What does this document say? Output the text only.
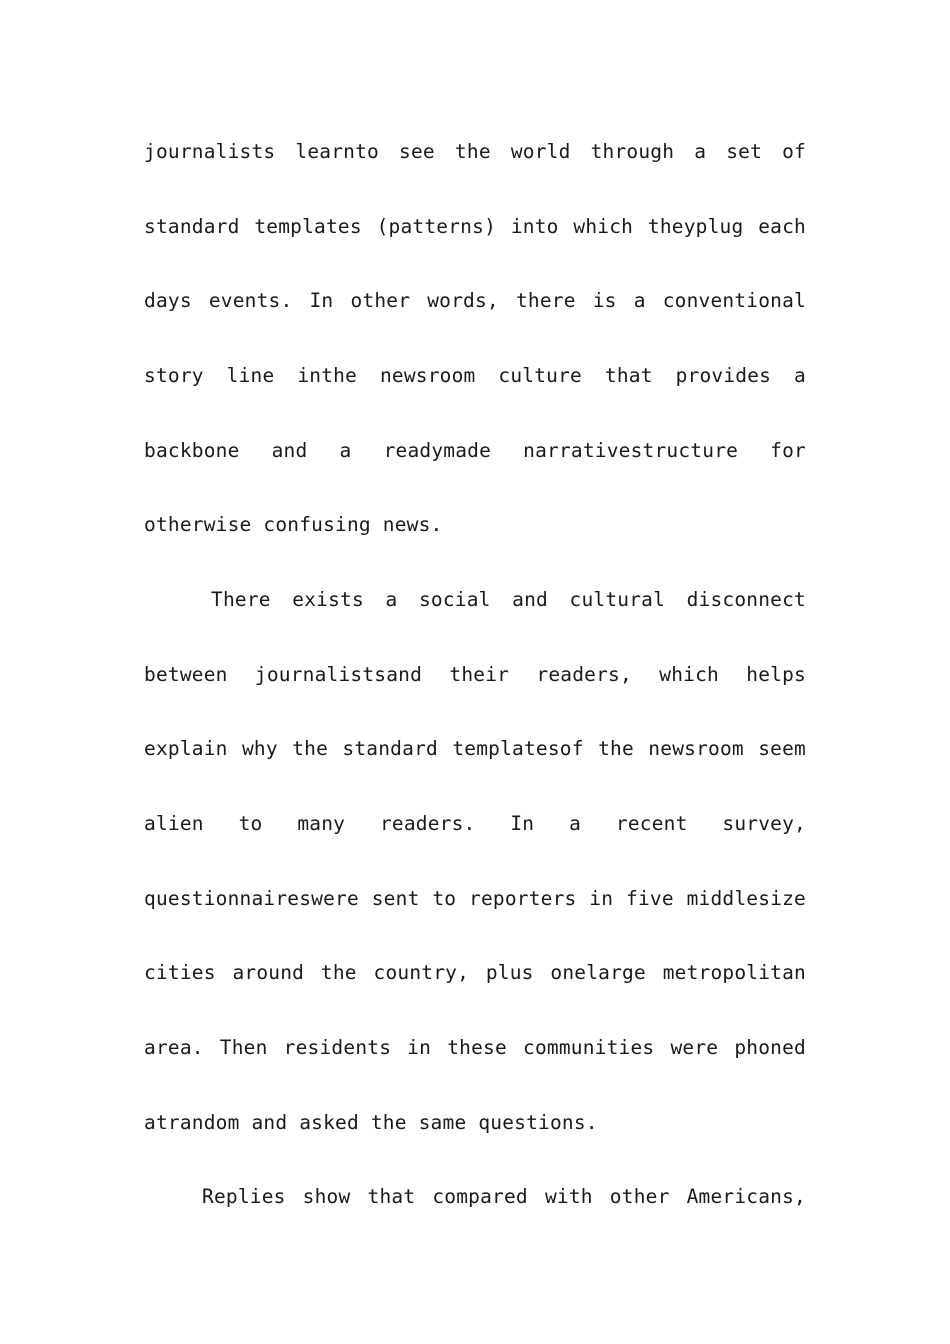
journalists learnto see the world through a set of

standard templates (patterns) into which theyplug each

days events. In other words, there is a conventional

story line inthe newsroom culture that provides a

backbone and a readymade narrativestructure for

otherwise confusing news.

There exists a social and cultural disconnect

between journalistsand their readers, which helps

explain why the standard templatesof the newsroom seem

alien to many readers. In a recent survey,

questionnaireswere sent to reporters in five middlesize

cities around the country, plus onelarge metropolitan

area. Then residents in these communities were phoned

atrandom and asked the same questions.

Replies show that compared with other Americans,
